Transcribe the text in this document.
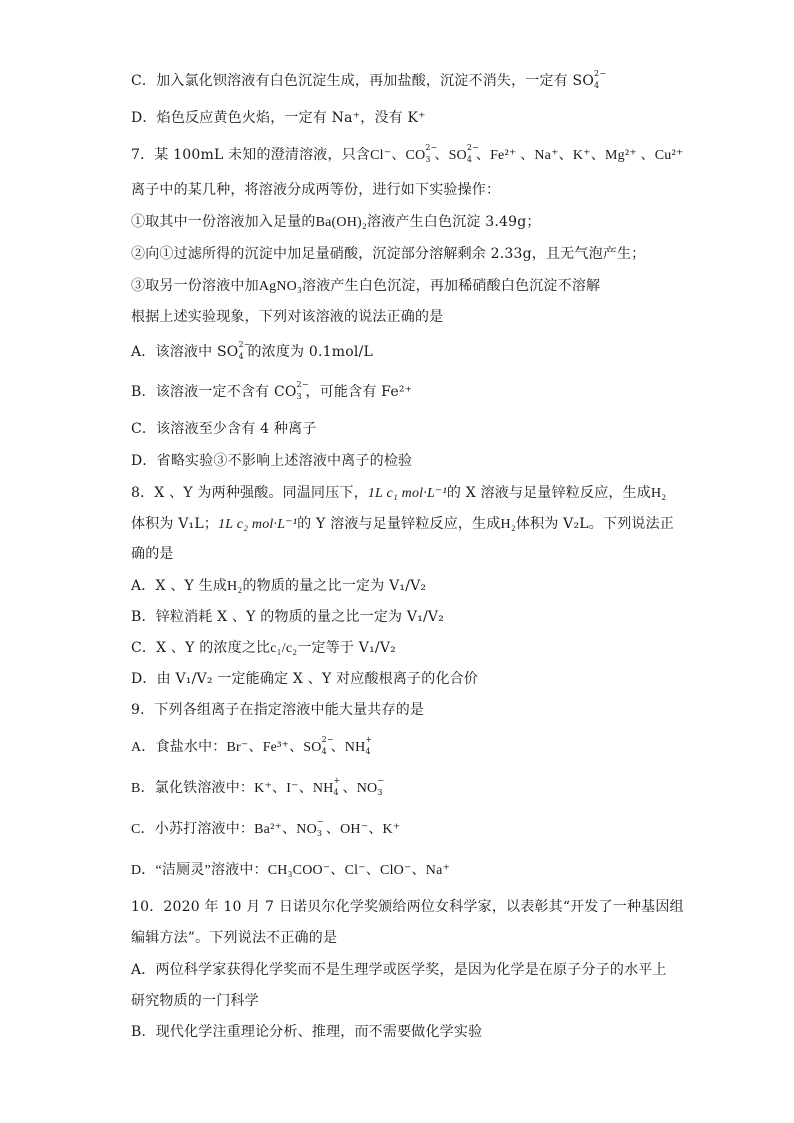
C．加入氯化钡溶液有白色沉淀生成，再加盐酸，沉淀不消失，一定有 SO 2−
4
D．焰色反应黄色火焰，一定有 Na⁺，没有 K⁺
7．某 100mL 未知的澄清溶液，只含Cl⁻、CO
2−
3 、SO
2−
4 、Fe²⁺ 、Na⁺、K⁺、Mg²⁺ 、Cu²⁺
离子中的某几种，将溶液分成两等份，进行如下实验操作：
①取其中一份溶液加入足量的Ba(OH)₂溶液产生白色沉淀 3.49g；
②向①过滤所得的沉淀中加足量硝酸，沉淀部分溶解剩余 2.33g，且无气泡产生；
③取另一份溶液中加AgNO₃溶液产生白色沉淀，再加稀硝酸白色沉淀不溶解
根据上述实验现象，下列对该溶液的说法正确的是
A．该溶液中 SO 2−
4 的浓度为 0.1mol/L
B．该溶液一定不含有 CO 2−
3 ，可能含有 Fe²⁺
C．该溶液至少含有 4 种离子
D．省略实验③不影响上述溶液中离子的检验
8．X 、Y 为两种强酸。同温同压下，1L c₁ mol·L⁻¹的 X 溶液与足量锌粒反应，生成H₂
体积为 V₁L；1L c₂ mol·L⁻¹的 Y 溶液与足量锌粒反应，生成H₂体积为 V₂L。下列说法正
确的是
A．X 、Y 生成H₂的物质的量之比一定为 V₁/V₂
B．锌粒消耗 X 、Y 的物质的量之比一定为 V₁/V₂
C．X 、Y 的浓度之比c₁/c₂一定等于 V₁/V₂
D．由 V₁/V₂ 一定能确定 X 、Y 对应酸根离子的化合价
9．下列各组离子在指定溶液中能大量共存的是
A．食盐水中：Br⁻、Fe³⁺、SO
2−
4 、NH
+
4
B．氯化铁溶液中：K⁺、I⁻、NH
+
4 、NO
−
3
C．小苏打溶液中：Ba²⁺、NO
−
3 、OH⁻、K⁺
D．“洁厕灵”溶液中：CH₃COO⁻、Cl⁻、ClO⁻、Na⁺
10．2020 年 10 月 7 日诺贝尔化学奖颁给两位女科学家，以表彰其“开发了一种基因组
编辑方法”。下列说法不正确的是
A．两位科学家获得化学奖而不是生理学或医学奖，是因为化学是在原子分子的水平上
研究物质的一门科学
B．现代化学注重理论分析、推理，而不需要做化学实验
